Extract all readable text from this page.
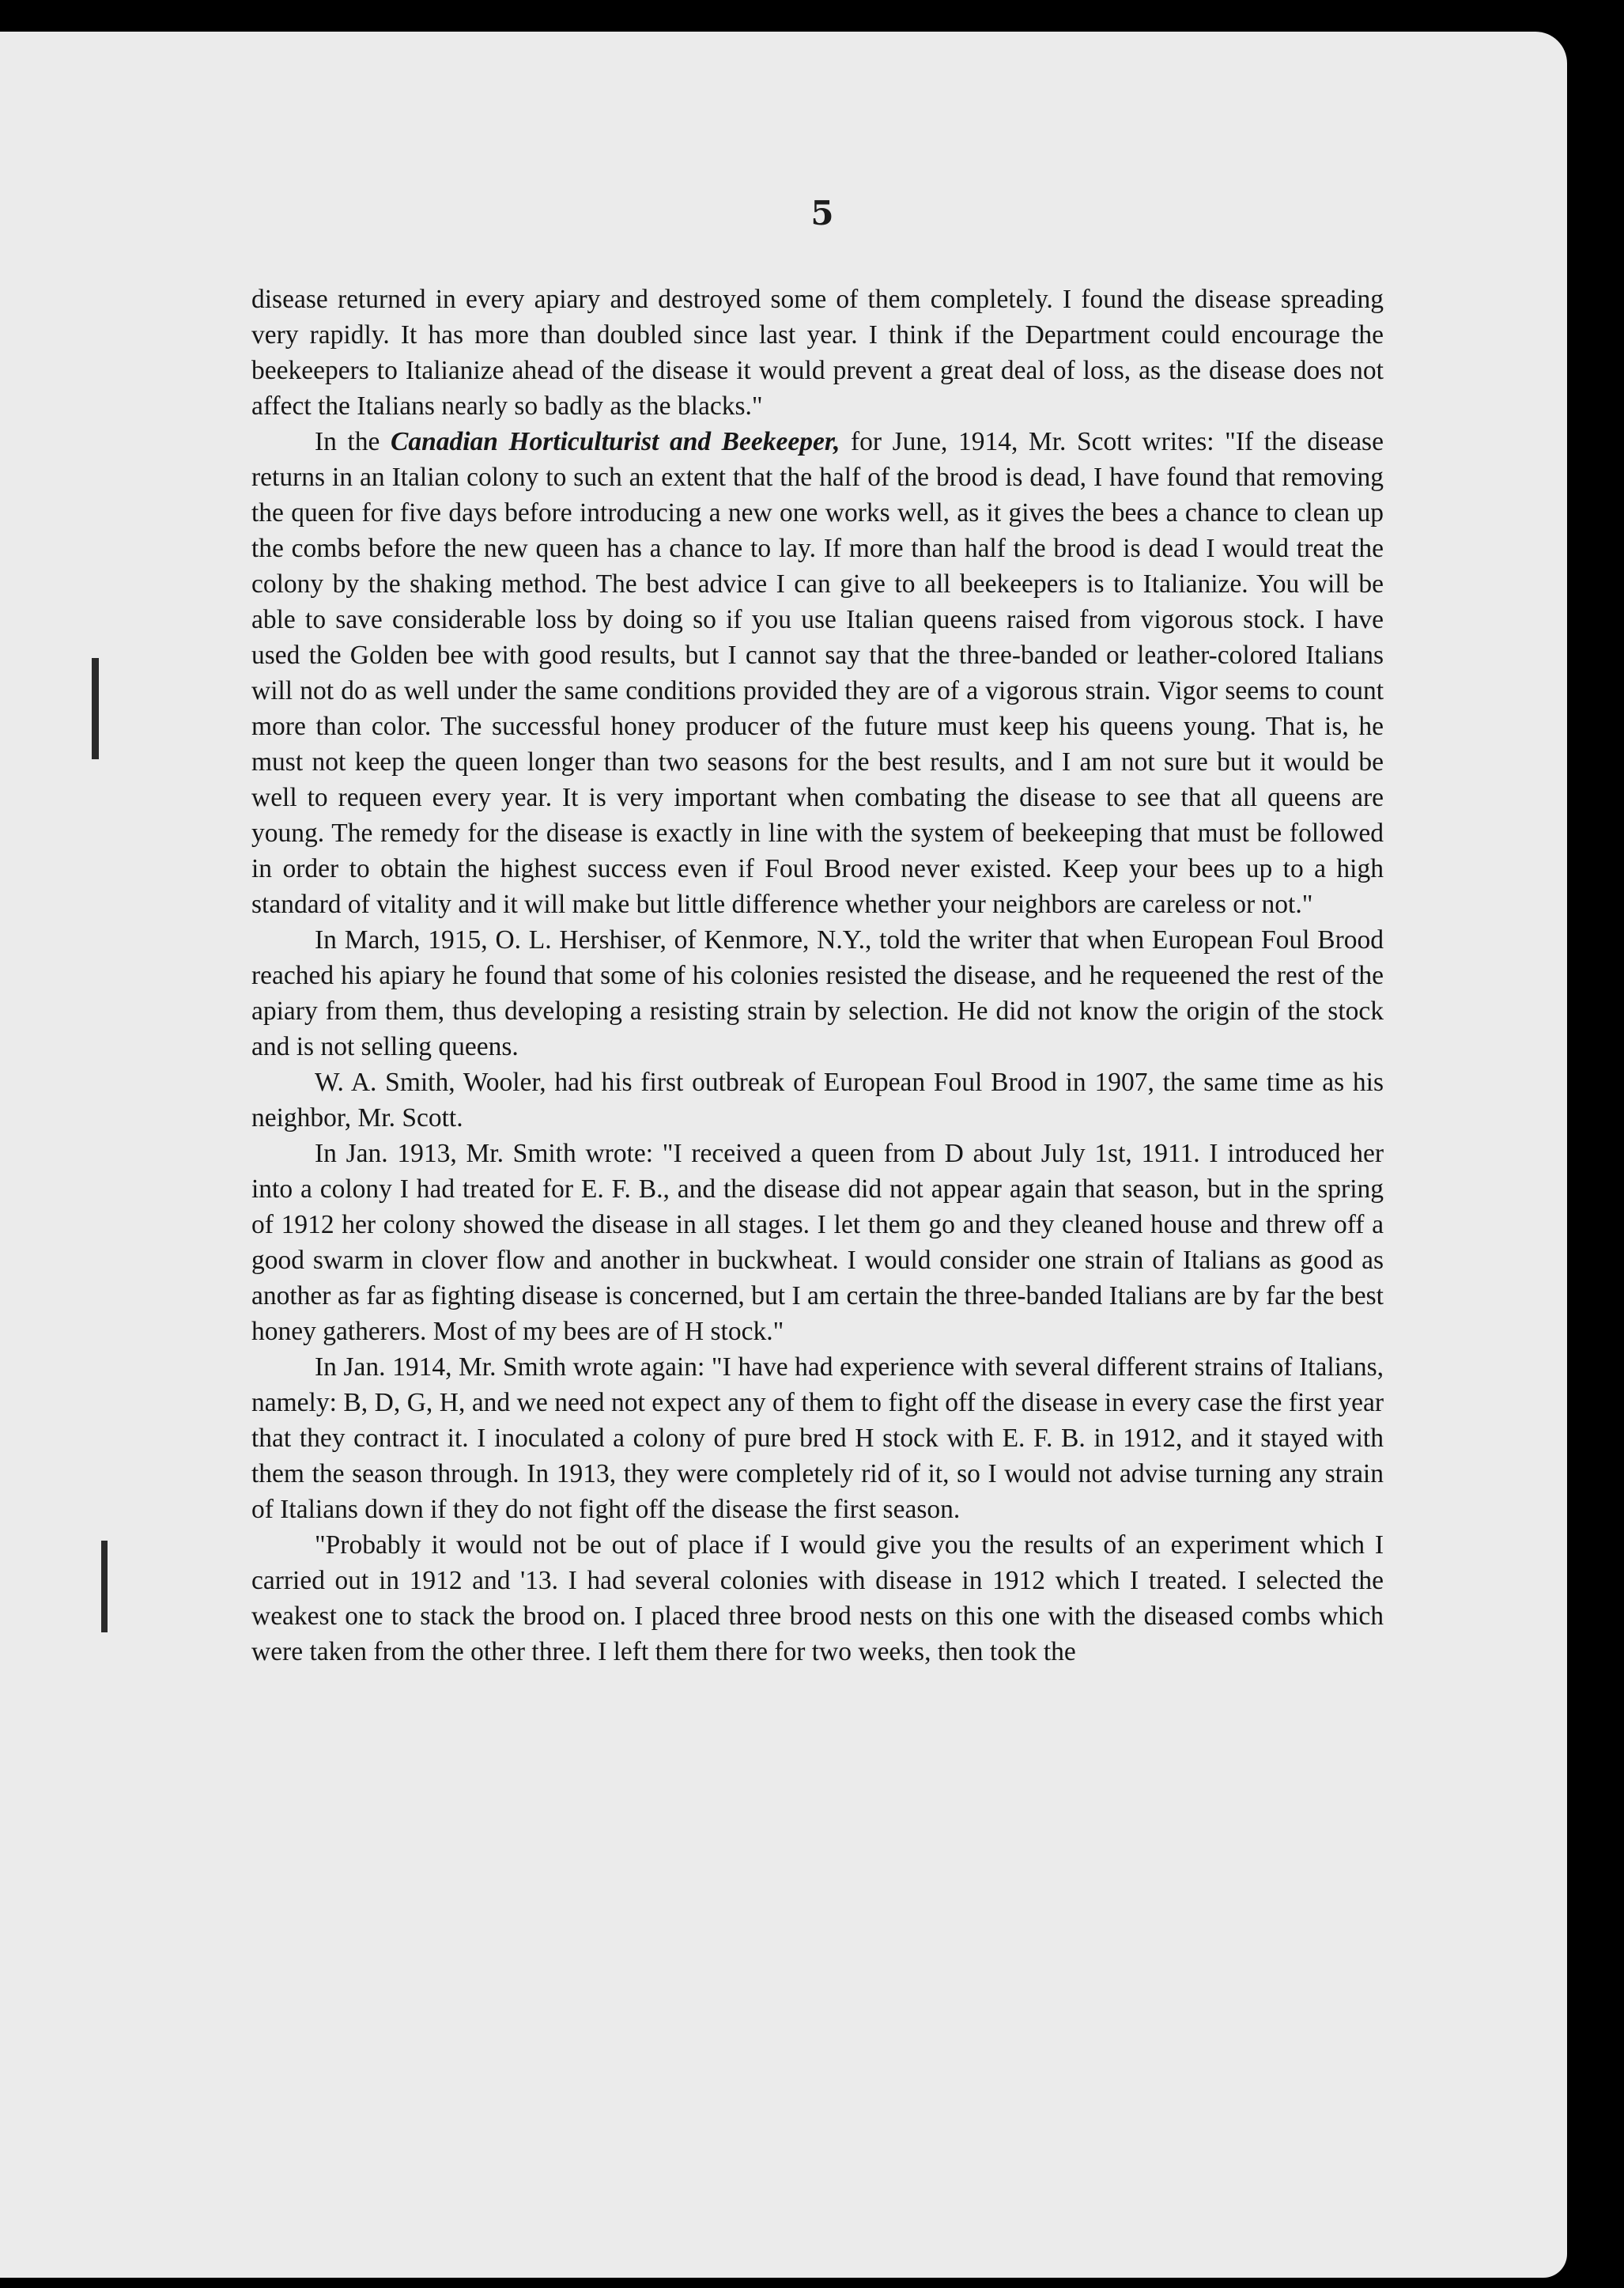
5

disease returned in every apiary and destroyed some of them completely. I found the disease spreading very rapidly. It has more than doubled since last year. I think if the Department could encourage the beekeepers to Italianize ahead of the disease it would prevent a great deal of loss, as the disease does not affect the Italians nearly so badly as the blacks."

In the Canadian Horticulturist and Beekeeper, for June, 1914, Mr. Scott writes: "If the disease returns in an Italian colony to such an extent that the half of the brood is dead, I have found that removing the queen for five days before introducing a new one works well, as it gives the bees a chance to clean up the combs before the new queen has a chance to lay. If more than half the brood is dead I would treat the colony by the shaking method. The best advice I can give to all beekeepers is to Italianize. You will be able to save considerable loss by doing so if you use Italian queens raised from vigorous stock. I have used the Golden bee with good results, but I cannot say that the three-banded or leather-colored Italians will not do as well under the same conditions provided they are of a vigorous strain. Vigor seems to count more than color. The successful honey producer of the future must keep his queens young. That is, he must not keep the queen longer than two seasons for the best results, and I am not sure but it would be well to requeen every year. It is very important when combating the disease to see that all queens are young. The remedy for the disease is exactly in line with the system of beekeeping that must be followed in order to obtain the highest success even if Foul Brood never existed. Keep your bees up to a high standard of vitality and it will make but little difference whether your neighbors are careless or not."

In March, 1915, O. L. Hershiser, of Kenmore, N.Y., told the writer that when European Foul Brood reached his apiary he found that some of his colonies resisted the disease, and he requeened the rest of the apiary from them, thus developing a resisting strain by selection. He did not know the origin of the stock and is not selling queens.

W. A. Smith, Wooler, had his first outbreak of European Foul Brood in 1907, the same time as his neighbor, Mr. Scott.

In Jan. 1913, Mr. Smith wrote: "I received a queen from D about July 1st, 1911. I introduced her into a colony I had treated for E. F. B., and the disease did not appear again that season, but in the spring of 1912 her colony showed the disease in all stages. I let them go and they cleaned house and threw off a good swarm in clover flow and another in buckwheat. I would consider one strain of Italians as good as another as far as fighting disease is concerned, but I am certain the three-banded Italians are by far the best honey gatherers. Most of my bees are of H stock."

In Jan. 1914, Mr. Smith wrote again: "I have had experience with several different strains of Italians, namely: B, D, G, H, and we need not expect any of them to fight off the disease in every case the first year that they contract it. I inoculated a colony of pure bred H stock with E. F. B. in 1912, and it stayed with them the season through. In 1913, they were completely rid of it, so I would not advise turning any strain of Italians down if they do not fight off the disease the first season.

"Probably it would not be out of place if I would give you the results of an experiment which I carried out in 1912 and '13. I had several colonies with disease in 1912 which I treated. I selected the weakest one to stack the brood on. I placed three brood nests on this one with the diseased combs which were taken from the other three. I left them there for two weeks, then took the
